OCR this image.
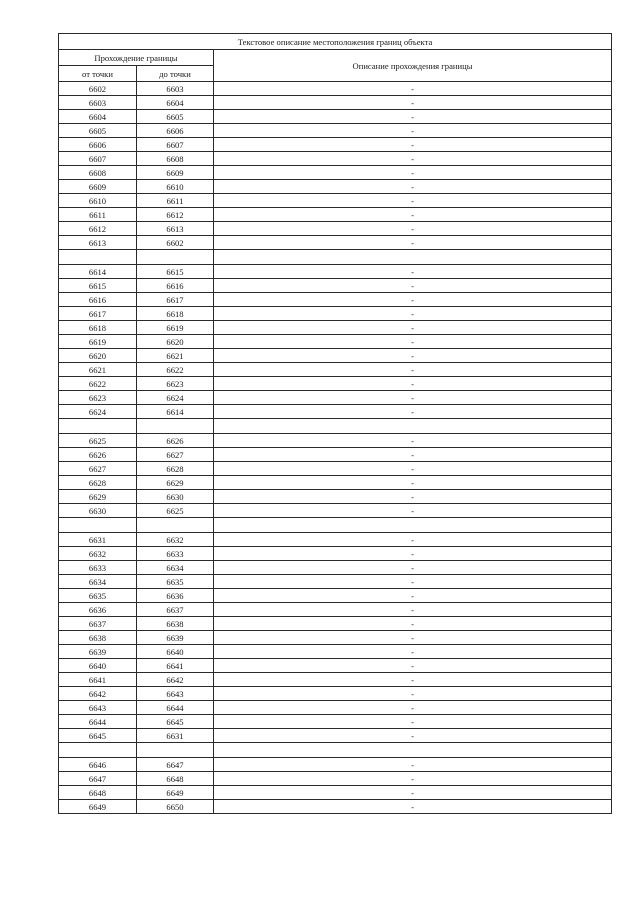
Текстовое описание местоположения границ объекта		
Прохождение границы		Описание прохождения границы
от точки	до точки	
6602	6603	-
6603	6604	-
6604	6605	-
6605	6606	-
6606	6607	-
6607	6608	-
6608	6609	-
6609	6610	-
6610	6611	-
6611	6612	-
6612	6613	-
6613	6602	-

6614	6615	-
6615	6616	-
6616	6617	-
6617	6618	-
6618	6619	-
6619	6620	-
6620	6621	-
6621	6622	-
6622	6623	-
6623	6624	-
6624	6614	-

6625	6626	-
6626	6627	-
6627	6628	-
6628	6629	-
6629	6630	-
6630	6625	-

6631	6632	-
6632	6633	-
6633	6634	-
6634	6635	-
6635	6636	-
6636	6637	-
6637	6638	-
6638	6639	-
6639	6640	-
6640	6641	-
6641	6642	-
6642	6643	-
6643	6644	-
6644	6645	-
6645	6631	-

6646	6647	-
6647	6648	-
6648	6649	-
6649	6650	-
